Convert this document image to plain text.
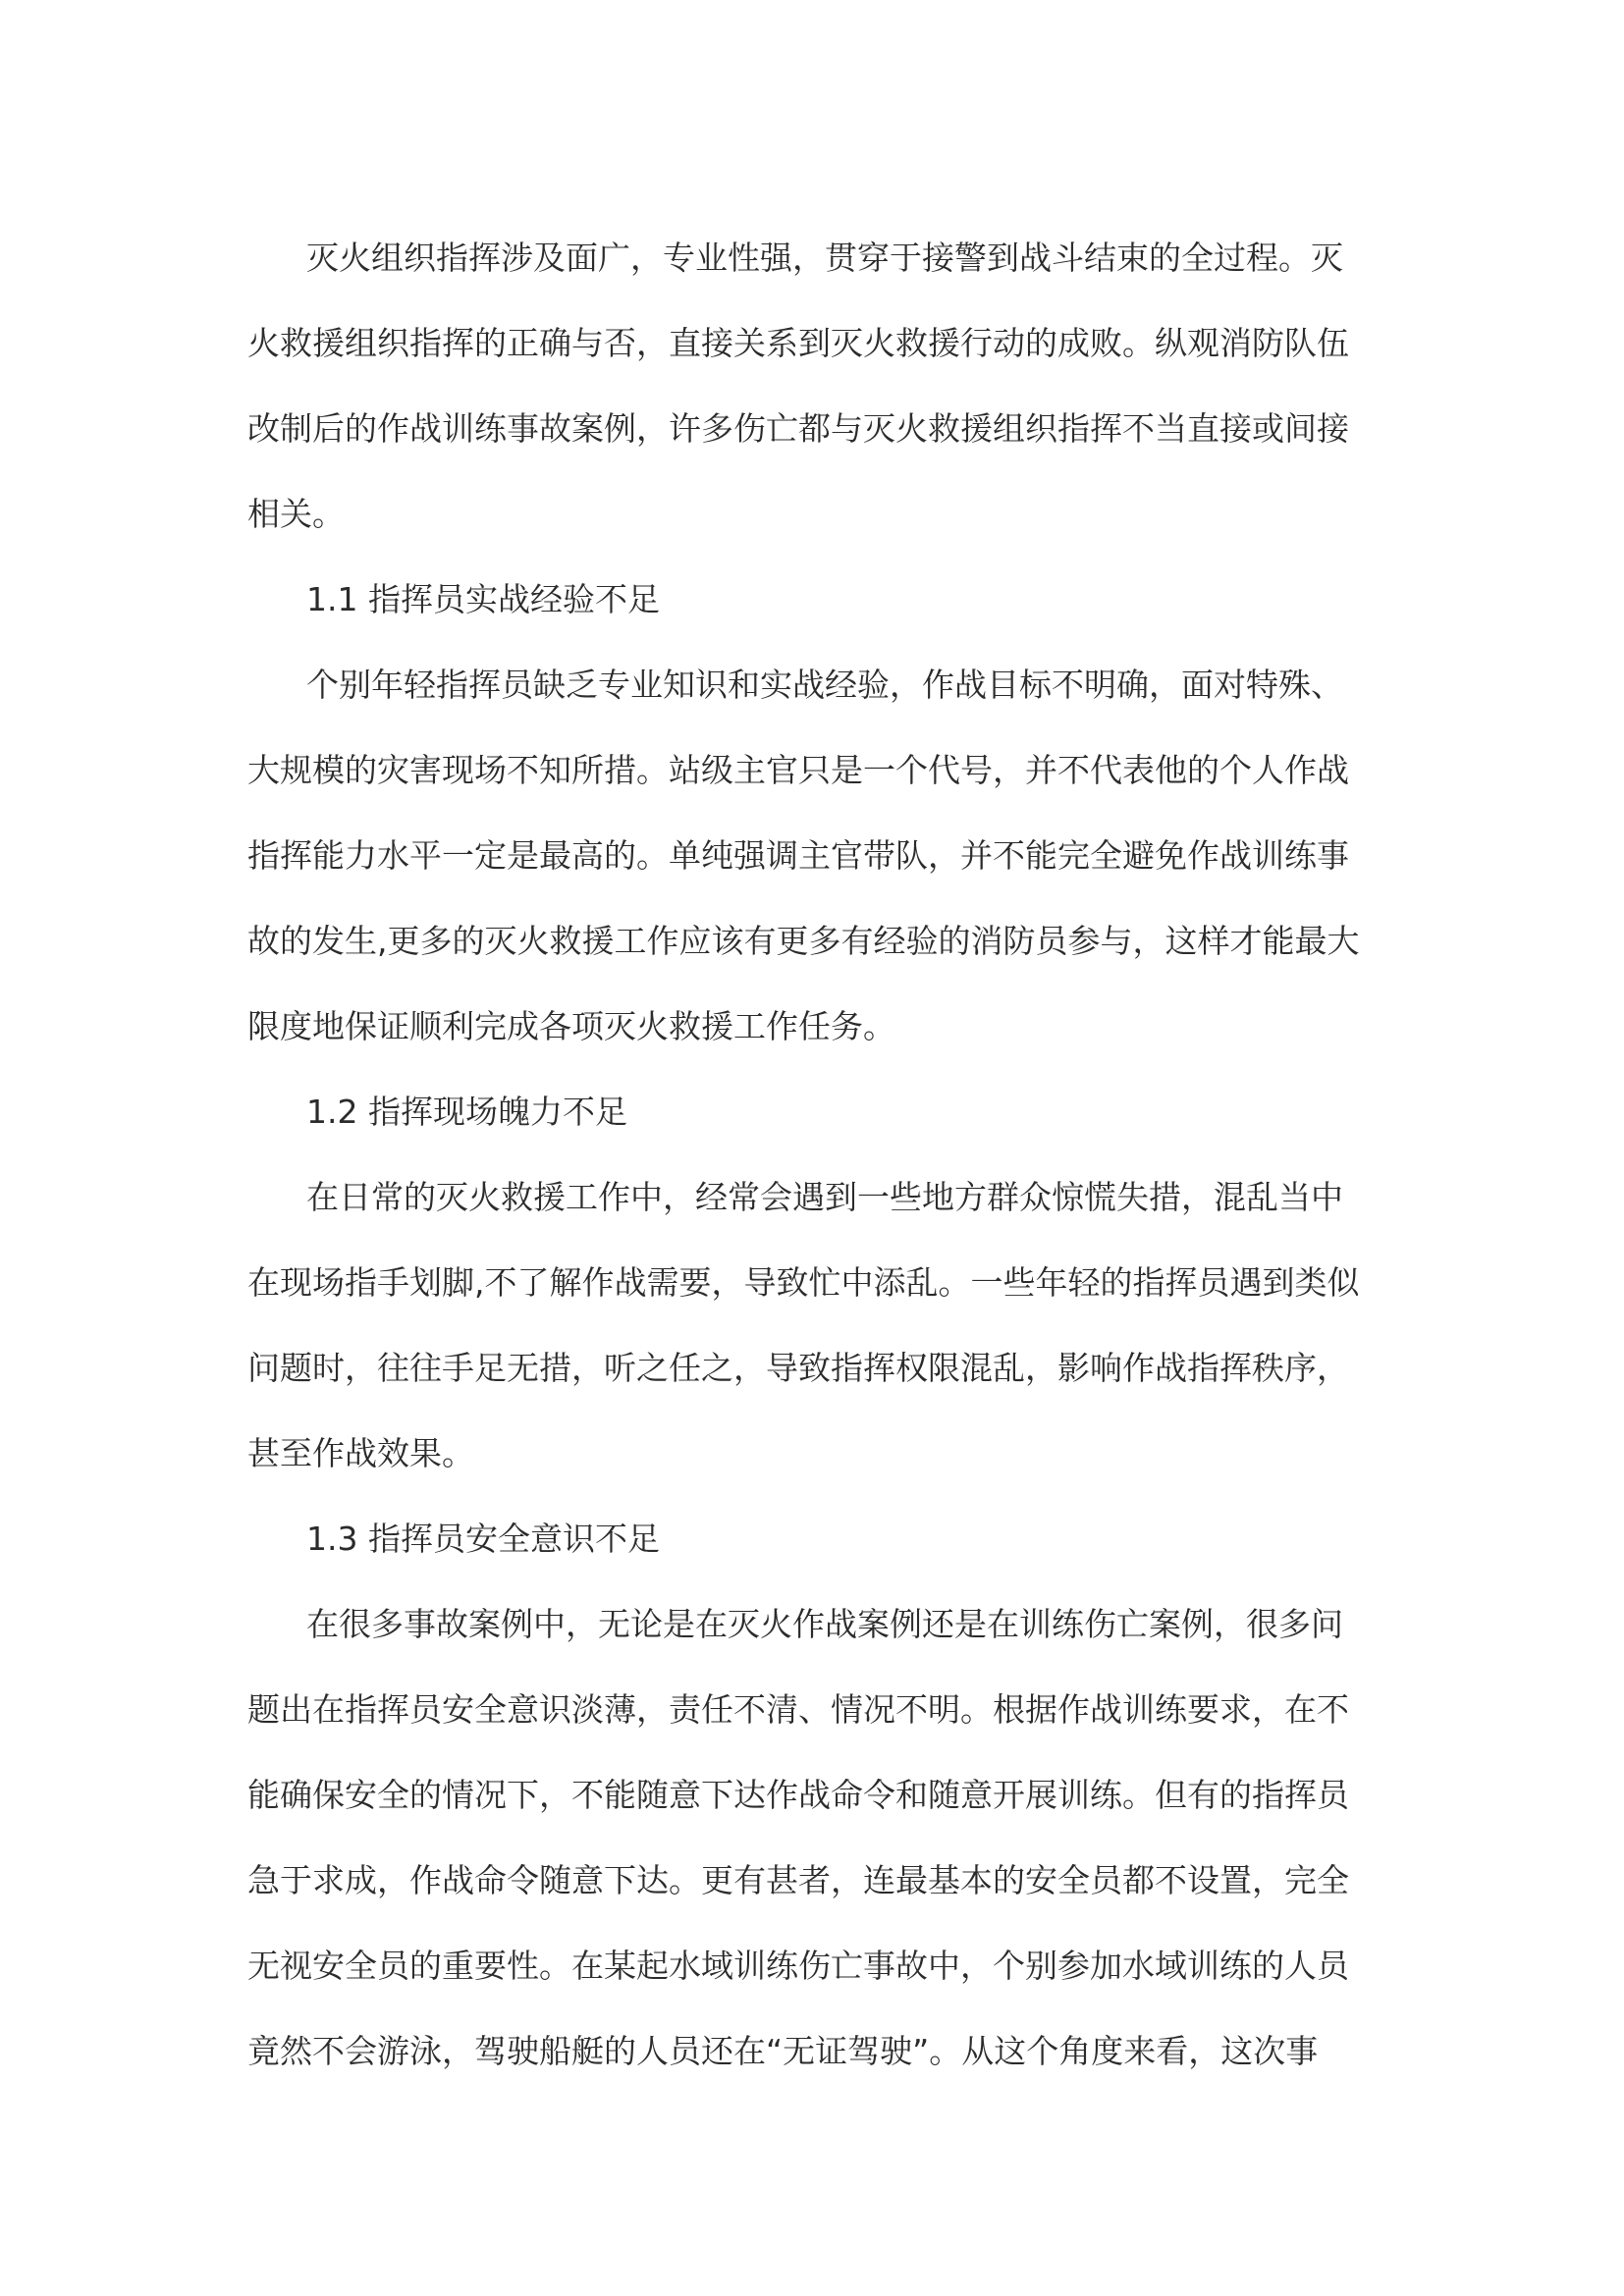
灭火组织指挥涉及面广，专业性强，贯穿于接警到战斗结束的全过程。灭
火救援组织指挥的正确与否，直接关系到灭火救援行动的成败。纵观消防队伍
改制后的作战训练事故案例，许多伤亡都与灭火救援组织指挥不当直接或间接
相关。
1.1 指挥员实战经验不足
个别年轻指挥员缺乏专业知识和实战经验，作战目标不明确，面对特殊、
大规模的灾害现场不知所措。站级主官只是一个代号，并不代表他的个人作战
指挥能力水平一定是最高的。单纯强调主官带队，并不能完全避免作战训练事
故的发生,更多的灭火救援工作应该有更多有经验的消防员参与，这样才能最大
限度地保证顺利完成各项灭火救援工作任务。
1.2 指挥现场魄力不足
在日常的灭火救援工作中，经常会遇到一些地方群众惊慌失措，混乱当中
在现场指手划脚,不了解作战需要，导致忙中添乱。一些年轻的指挥员遇到类似
问题时，往往手足无措，听之任之，导致指挥权限混乱，影响作战指挥秩序，
甚至作战效果。
1.3 指挥员安全意识不足
在很多事故案例中，无论是在灭火作战案例还是在训练伤亡案例，很多问
题出在指挥员安全意识淡薄，责任不清、情况不明。根据作战训练要求，在不
能确保安全的情况下，不能随意下达作战命令和随意开展训练。但有的指挥员
急于求成，作战命令随意下达。更有甚者，连最基本的安全员都不设置，完全
无视安全员的重要性。在某起水域训练伤亡事故中，个别参加水域训练的人员
竟然不会游泳，驾驶船艇的人员还在“无证驾驶”。从这个角度来看，这次事
